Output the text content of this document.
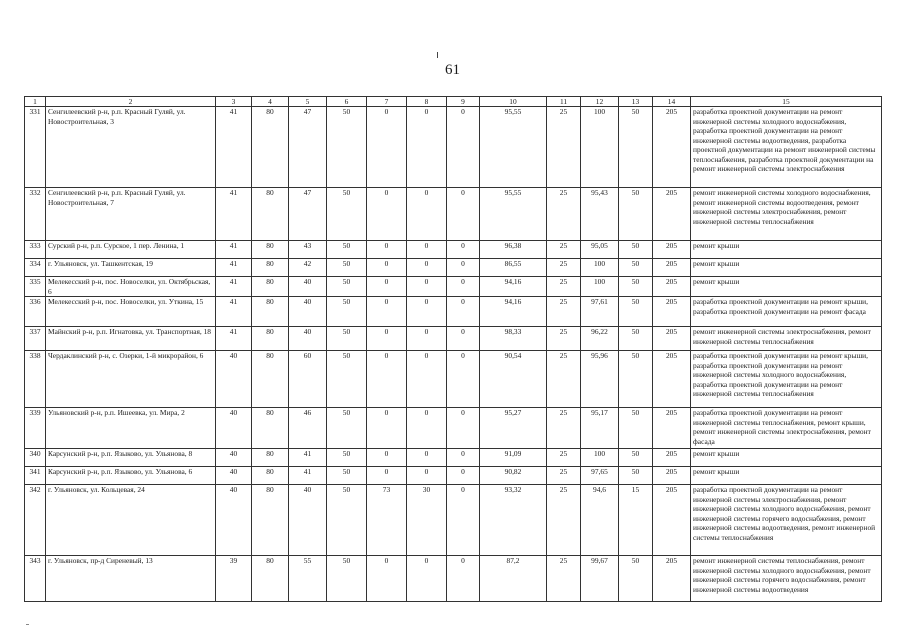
61
1	2	3	4	5	6	7	8	9	10	11	12	13	14	15
331	Сенгилеевский р-н, р.п. Красный Гуляй, ул. Новостроительная, 3	41	80	47	50	0	0	0	95,55	25	100	50	205	разработка проектной документации на ремонт инженерной системы холодного водоснабжения, разработка проектной документации на ремонт инженерной системы водоотведения, разработка проектной документации на ремонт инженерной системы теплоснабжения, разработка проектной документации на ремонт инженерной системы электроснабжения
332	Сенгилеевский р-н, р.п. Красный Гуляй, ул. Новостроительная, 7	41	80	47	50	0	0	0	95,55	25	95,43	50	205	ремонт инженерной системы холодного водоснабжения, ремонт инженерной системы водоотведения, ремонт инженерной системы электроснабжения, ремонт инженерной системы теплоснабжения
333	Сурский р-н, р.п. Сурское, 1 пер. Ленина, 1	41	80	43	50	0	0	0	96,38	25	95,05	50	205	ремонт крыши
334	г. Ульяновск, ул. Ташкентская, 19	41	80	42	50	0	0	0	86,55	25	100	50	205	ремонт крыши
335	Мелекесский р-н, пос. Новоселки, ул. Октябрьская, 6	41	80	40	50	0	0	0	94,16	25	100	50	205	ремонт крыши
336	Мелекесский р-н, пос. Новоселки, ул. Уткина, 15	41	80	40	50	0	0	0	94,16	25	97,61	50	205	разработка проектной документации на ремонт крыши, разработка проектной документации на ремонт фасада
337	Майнский р-н, р.п. Игнатовка, ул. Транспортная, 18	41	80	40	50	0	0	0	98,33	25	96,22	50	205	ремонт инженерной системы электроснабжения, ремонт инженерной системы теплоснабжения
338	Чердаклинский р-н, с. Озерки, 1-й микрорайон, 6	40	80	60	50	0	0	0	90,54	25	95,96	50	205	разработка проектной документации на ремонт крыши, разработка проектной документации на ремонт инженерной системы холодного водоснабжения, разработка проектной документации на ремонт инженерной системы теплоснабжения
339	Ульяновский р-н, р.п. Ишеевка, ул. Мира, 2	40	80	46	50	0	0	0	95,27	25	95,17	50	205	разработка проектной документации на ремонт инженерной системы теплоснабжения, ремонт крыши, ремонт инженерной системы электроснабжения, ремонт фасада
340	Карсунский р-н, р.п. Языково, ул. Ульянова, 8	40	80	41	50	0	0	0	91,09	25	100	50	205	ремонт крыши
341	Карсунский р-н, р.п. Языково, ул. Ульянова, 6	40	80	41	50	0	0	0	90,82	25	97,65	50	205	ремонт крыши
342	г. Ульяновск, ул. Кольцевая, 24	40	80	40	50	73	30	0	93,32	25	94,6	15	205	разработка проектной документации на ремонт инженерной системы электроснабжения, ремонт инженерной системы холодного водоснабжения, ремонт инженерной системы горячего водоснабжения, ремонт инженерной системы водоотведения, ремонт инженерной системы теплоснабжения
343	г. Ульяновск, пр-д Сиреневый, 13	39	80	55	50	0	0	0	87,2	25	99,67	50	205	ремонт инженерной системы теплоснабжения, ремонт инженерной системы холодного водоснабжения, ремонт инженерной системы горячего водоснабжения, ремонт инженерной системы водоотведения
